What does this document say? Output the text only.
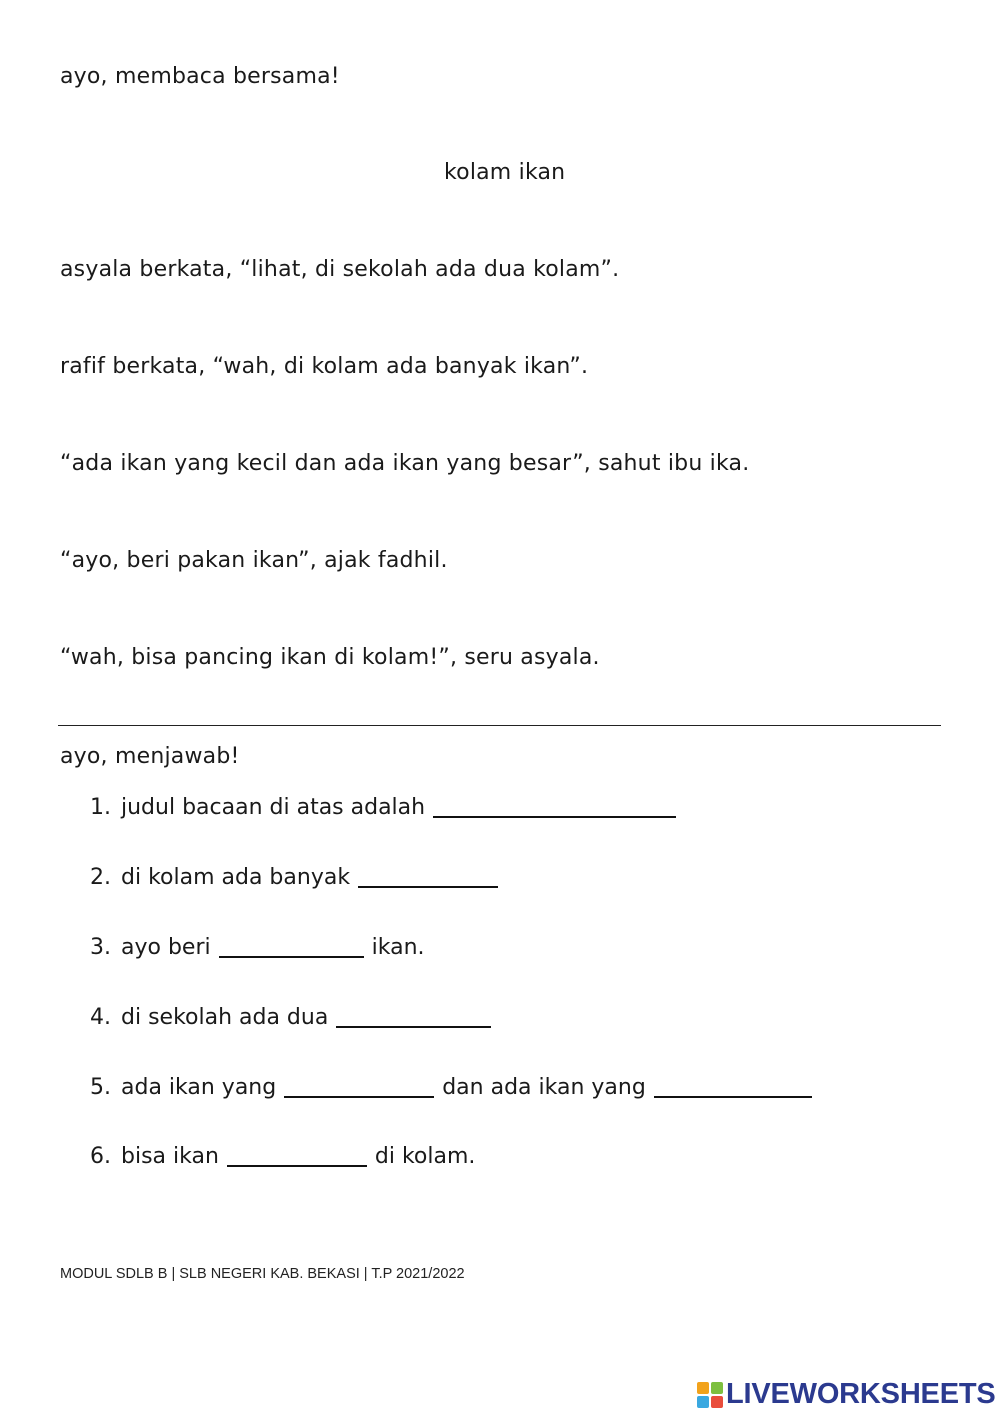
ayo, membaca bersama!
kolam ikan
asyala berkata, “lihat, di sekolah ada dua kolam”.
rafif berkata, “wah, di kolam ada banyak ikan”.
“ada ikan yang kecil dan ada ikan yang besar”, sahut ibu ika.
“ayo, beri pakan ikan”, ajak fadhil.
“wah, bisa pancing ikan di kolam!”, seru asyala.
ayo, menjawab!
1. judul bacaan di atas adalah
2. di kolam ada banyak
3. ayo beri	ikan.
4. di sekolah ada dua
5. ada ikan yang	dan ada ikan yang
6. bisa ikan	di kolam.
MODUL SDLB B | SLB NEGERI KAB. BEKASI | T.P 2021/2022
LIVEWORKSHEETS
